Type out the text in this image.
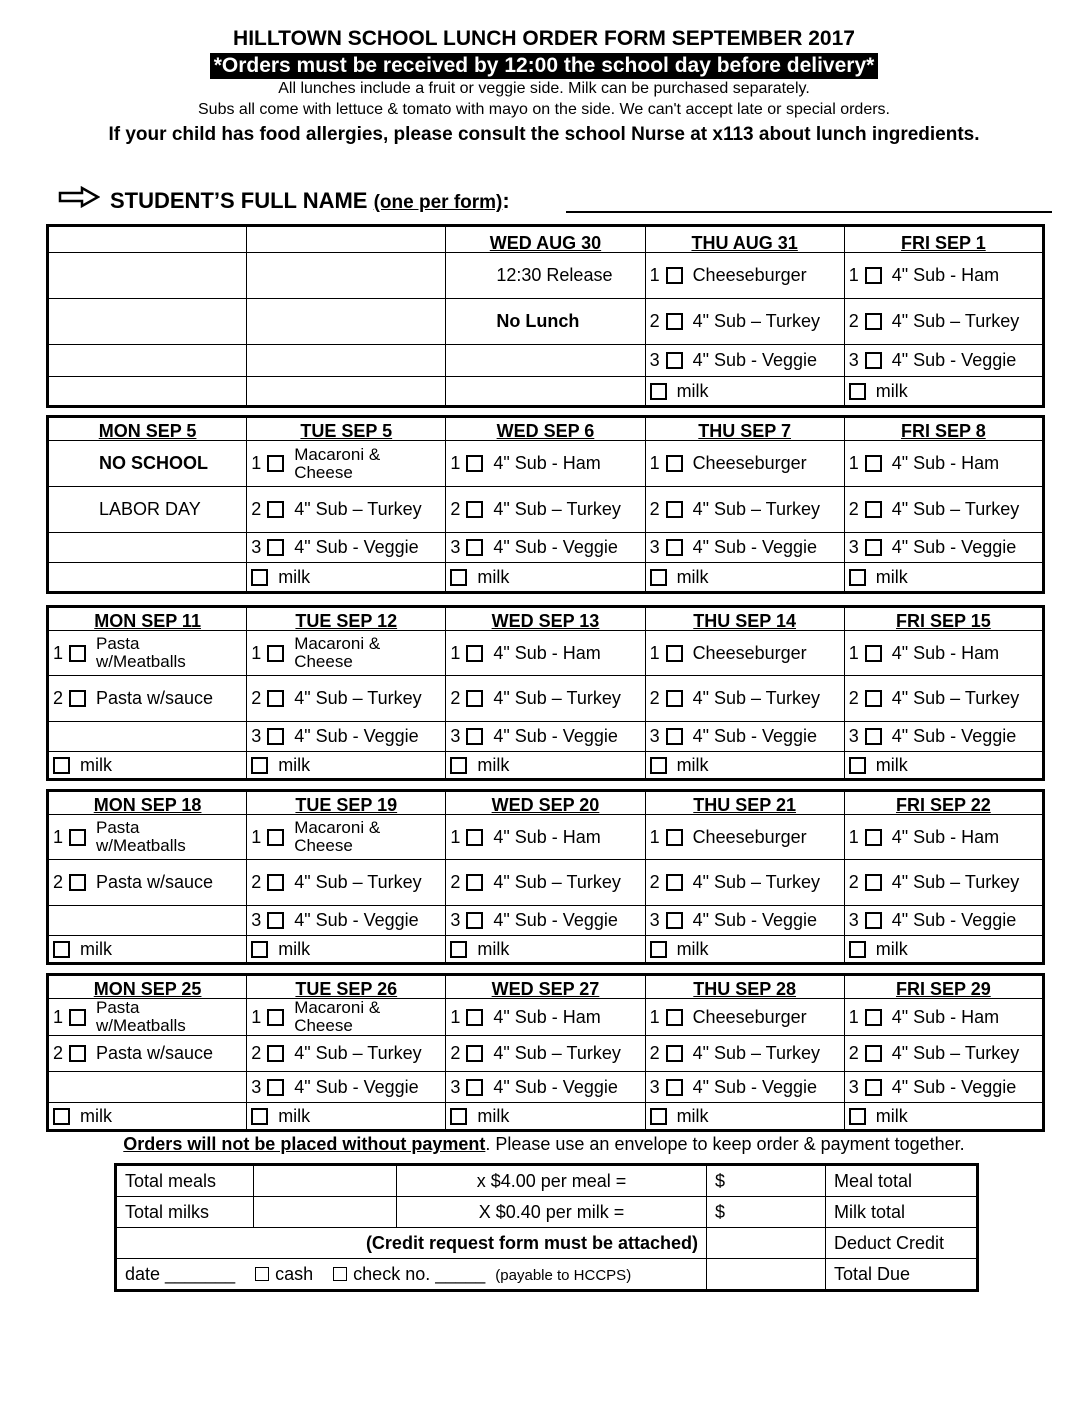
HILLTOWN SCHOOL LUNCH ORDER FORM SEPTEMBER 2017
*Orders must be received by 12:00 the school day before delivery*
All lunches include a fruit or veggie side. Milk can be purchased separately.
Subs all come with lettuce & tomato with mayo on the side. We can't accept late or special orders.
If your child has food allergies, please consult the school Nurse at x113 about lunch ingredients.
STUDENT’S FULL NAME (one per form):
		WED AUG 30	THU AUG 31	FRI SEP 1
		12:30 Release	1 Cheeseburger	1 4" Sub - Ham

		No Lunch	2 4" Sub – Turkey	2 4" Sub – Turkey

			3 4" Sub - Veggie	3 4" Sub - Veggie

			milk	milk
MON SEP 5	TUE SEP 5	WED SEP 6	THU SEP 7	FRI SEP 8
NO SCHOOL	1 Macaroni & Cheese	1 4" Sub - Ham	1 Cheeseburger	1 4" Sub - Ham

LABOR DAY	2 4" Sub – Turkey	2 4" Sub – Turkey	2 4" Sub – Turkey	2 4" Sub – Turkey

	3 4" Sub - Veggie	3 4" Sub - Veggie	3 4" Sub - Veggie	3 4" Sub - Veggie

	milk	milk	milk	milk
MON SEP 11	TUE SEP 12	WED SEP 13	THU SEP 14	FRI SEP 15

1 Pasta w/Meatballs	1 Macaroni & Cheese	1 4" Sub - Ham	1 Cheeseburger	1 4" Sub - Ham

2 Pasta w/sauce	2 4" Sub – Turkey	2 4" Sub – Turkey	2 4" Sub – Turkey	2 4" Sub – Turkey

	3 4" Sub - Veggie	3 4" Sub - Veggie	3 4" Sub - Veggie	3 4" Sub - Veggie

milk	milk	milk	milk	milk
MON SEP 18	TUE SEP 19	WED SEP 20	THU SEP 21	FRI SEP 22

1 Pasta w/Meatballs	1 Macaroni & Cheese	1 4" Sub - Ham	1 Cheeseburger	1 4" Sub - Ham

2 Pasta w/sauce	2 4" Sub – Turkey	2 4" Sub – Turkey	2 4" Sub – Turkey	2 4" Sub – Turkey

	3 4" Sub - Veggie	3 4" Sub - Veggie	3 4" Sub - Veggie	3 4" Sub - Veggie

milk	milk	milk	milk	milk
MON SEP 25	TUE SEP 26	WED SEP 27	THU SEP 28	FRI SEP 29

1 Pasta w/Meatballs	1 Macaroni & Cheese	1 4" Sub - Ham	1 Cheeseburger	1 4" Sub - Ham

2 Pasta w/sauce	2 4" Sub – Turkey	2 4" Sub – Turkey	2 4" Sub – Turkey	2 4" Sub – Turkey

	3 4" Sub - Veggie	3 4" Sub - Veggie	3 4" Sub - Veggie	3 4" Sub - Veggie

milk	milk	milk	milk	milk
Orders will not be placed without payment. Please use an envelope to keep order & payment together.
Total meals		x $4.00 per meal =	$	Meal total
Total milks		X $0.40 per milk =	$	Milk total
(Credit request form must be attached)				Deduct Credit
date _______ cash check no. _____ (payable to HCCPS)				Total Due
